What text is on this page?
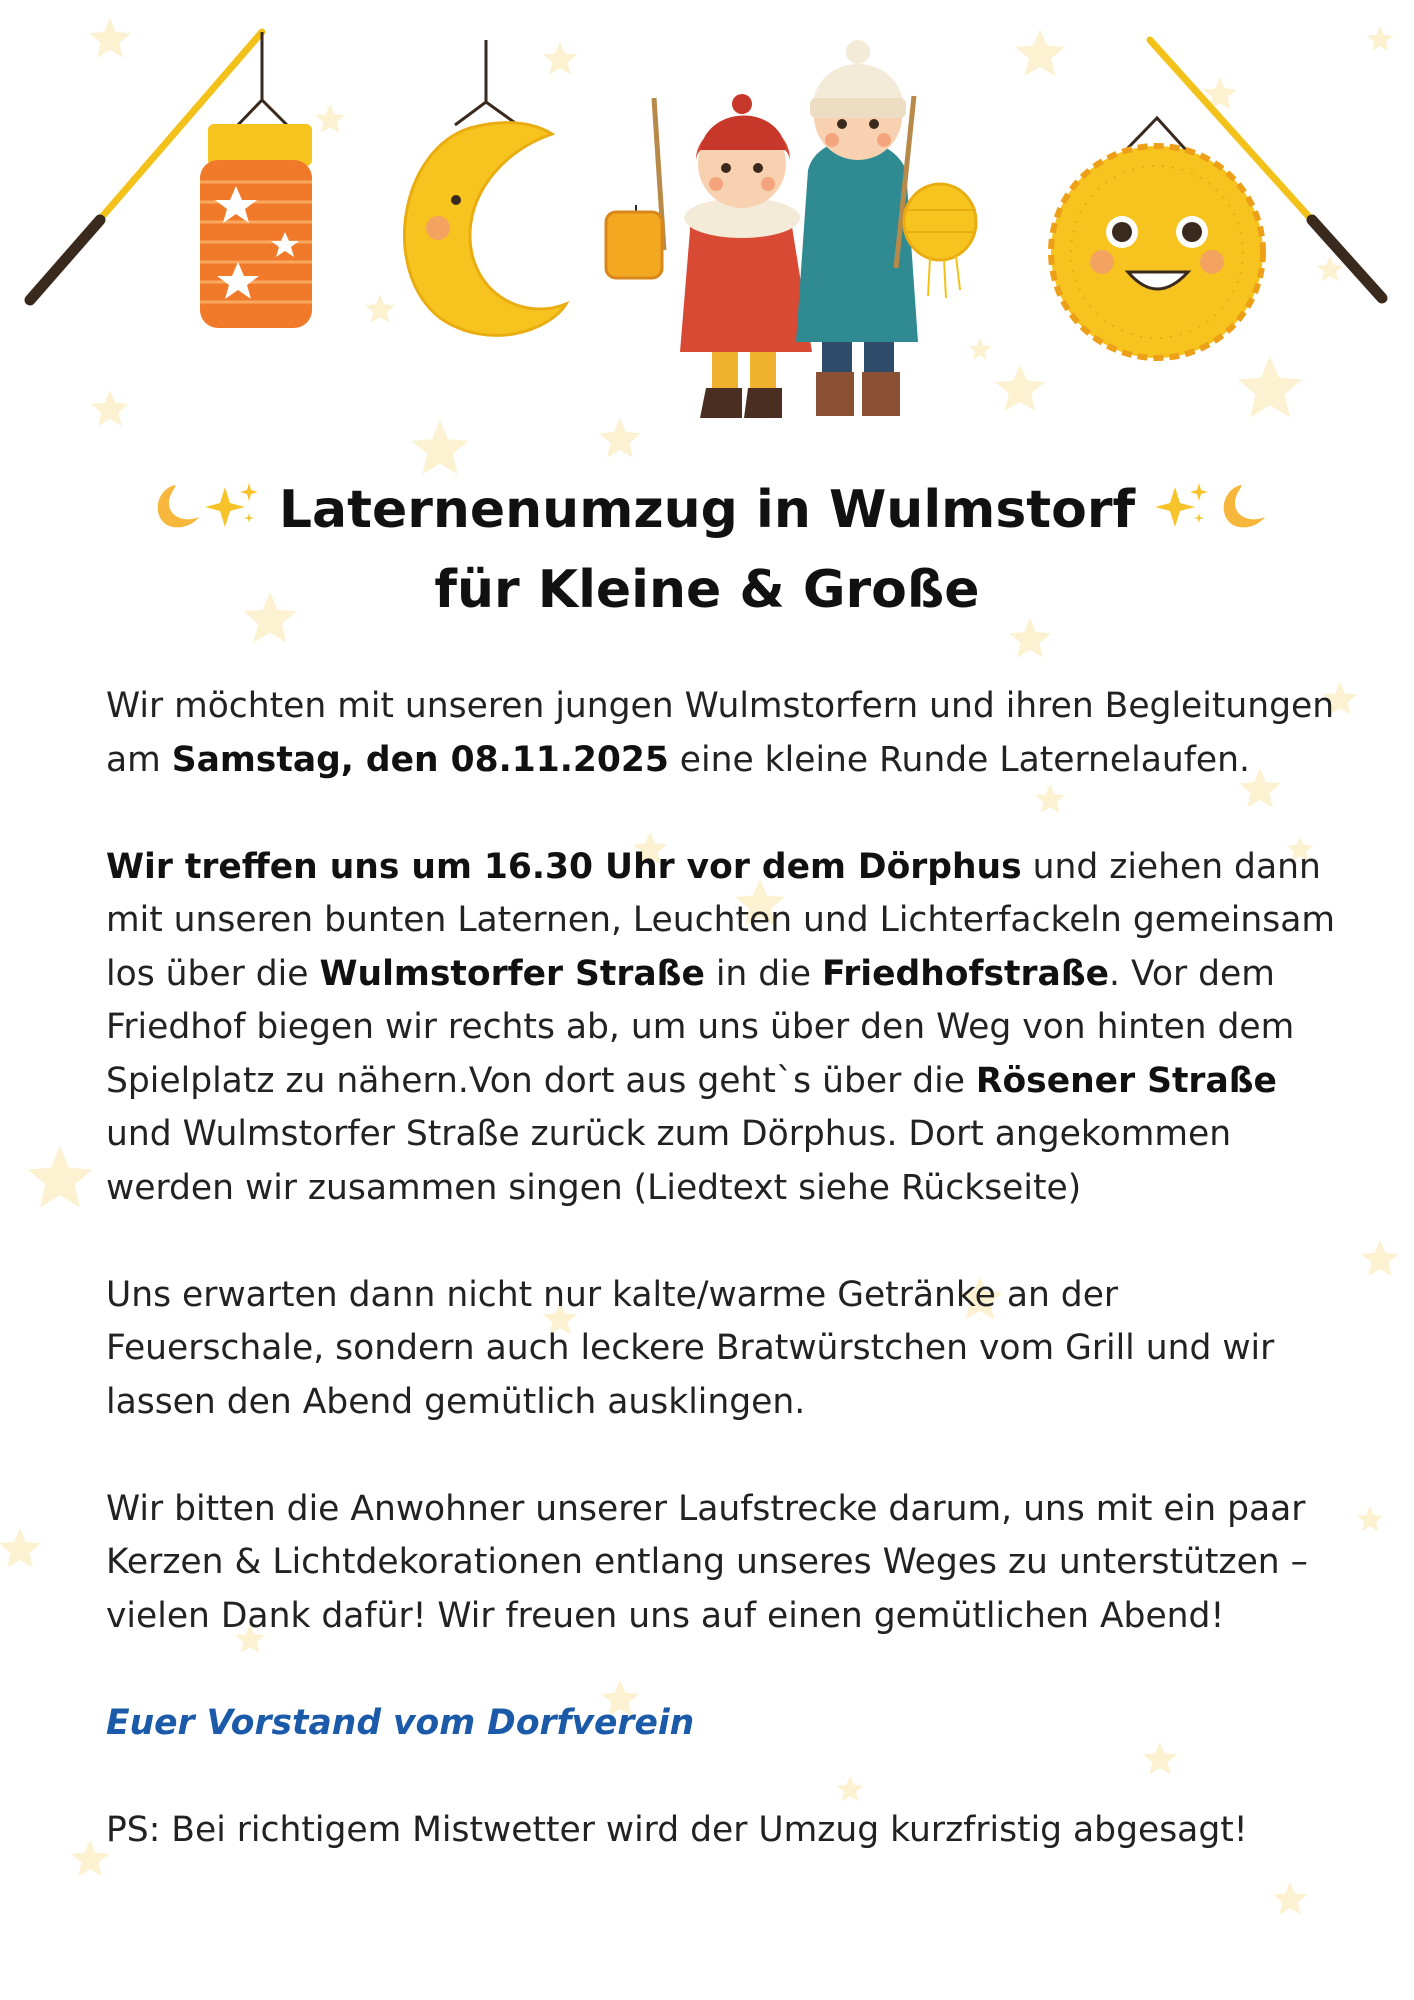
Laternenumzug in Wulmstorf
für Kleine & Große

Wir möchten mit unseren jungen Wulmstorfern und ihren Begleitungen am Samstag, den 08.11.2025 eine kleine Runde Laternelaufen.

Wir treffen uns um 16.30 Uhr vor dem Dörphus und ziehen dann mit unseren bunten Laternen, Leuchten und Lichterfackeln gemeinsam los über die Wulmstorfer Straße in die Friedhofstraße. Vor dem Friedhof biegen wir rechts ab, um uns über den Weg von hinten dem Spielplatz zu nähern.Von dort aus geht`s über die Rösener Straße und Wulmstorfer Straße zurück zum Dörphus. Dort angekommen werden wir zusammen singen (Liedtext siehe Rückseite)

Uns erwarten dann nicht nur kalte/warme Getränke an der Feuerschale, sondern auch leckere Bratwürstchen vom Grill und wir lassen den Abend gemütlich ausklingen.

Wir bitten die Anwohner unserer Laufstrecke darum, uns mit ein paar Kerzen & Lichtdekorationen entlang unseres Weges zu unterstützen – vielen Dank dafür! Wir freuen uns auf einen gemütlichen Abend!

Euer Vorstand vom Dorfverein

PS: Bei richtigem Mistwetter wird der Umzug kurzfristig abgesagt!
